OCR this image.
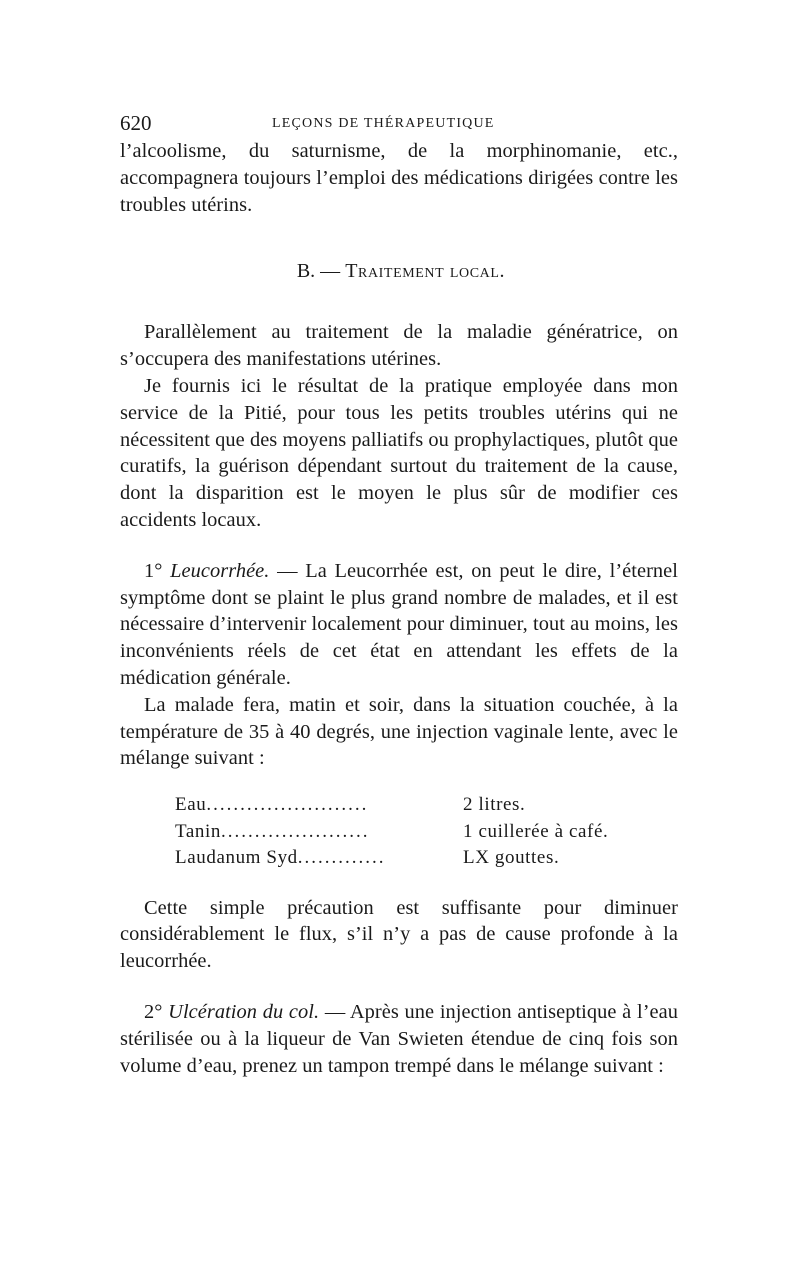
620	LEÇONS DE THÉRAPEUTIQUE

l’alcoolisme, du saturnisme, de la morphinomanie, etc., accompagnera toujours l’emploi des médications dirigées contre les troubles utérins.

B. — Traitement local.

Parallèlement au traitement de la maladie génératrice, on s’occupera des manifestations utérines.

Je fournis ici le résultat de la pratique employée dans mon service de la Pitié, pour tous les petits troubles utérins qui ne nécessitent que des moyens palliatifs ou prophylactiques, plutôt que curatifs, la guérison dépendant surtout du traitement de la cause, dont la disparition est le moyen le plus sûr de modifier ces accidents locaux.

1° Leucorrhée. — La Leucorrhée est, on peut le dire, l’éternel symptôme dont se plaint le plus grand nombre de malades, et il est nécessaire d’intervenir localement pour diminuer, tout au moins, les inconvénients réels de cet état en attendant les effets de la médication générale.

La malade fera, matin et soir, dans la situation couchée, à la température de 35 à 40 degrés, une injection vaginale lente, avec le mélange suivant :

Eau........................	2 litres.
Tanin......................	1 cuillerée à café.
Laudanum Syd.............	LX gouttes.

Cette simple précaution est suffisante pour diminuer considérablement le flux, s’il n’y a pas de cause profonde à la leucorrhée.

2° Ulcération du col. — Après une injection antiseptique à l’eau stérilisée ou à la liqueur de Van Swieten étendue de cinq fois son volume d’eau, prenez un tampon trempé dans le mélange suivant :
